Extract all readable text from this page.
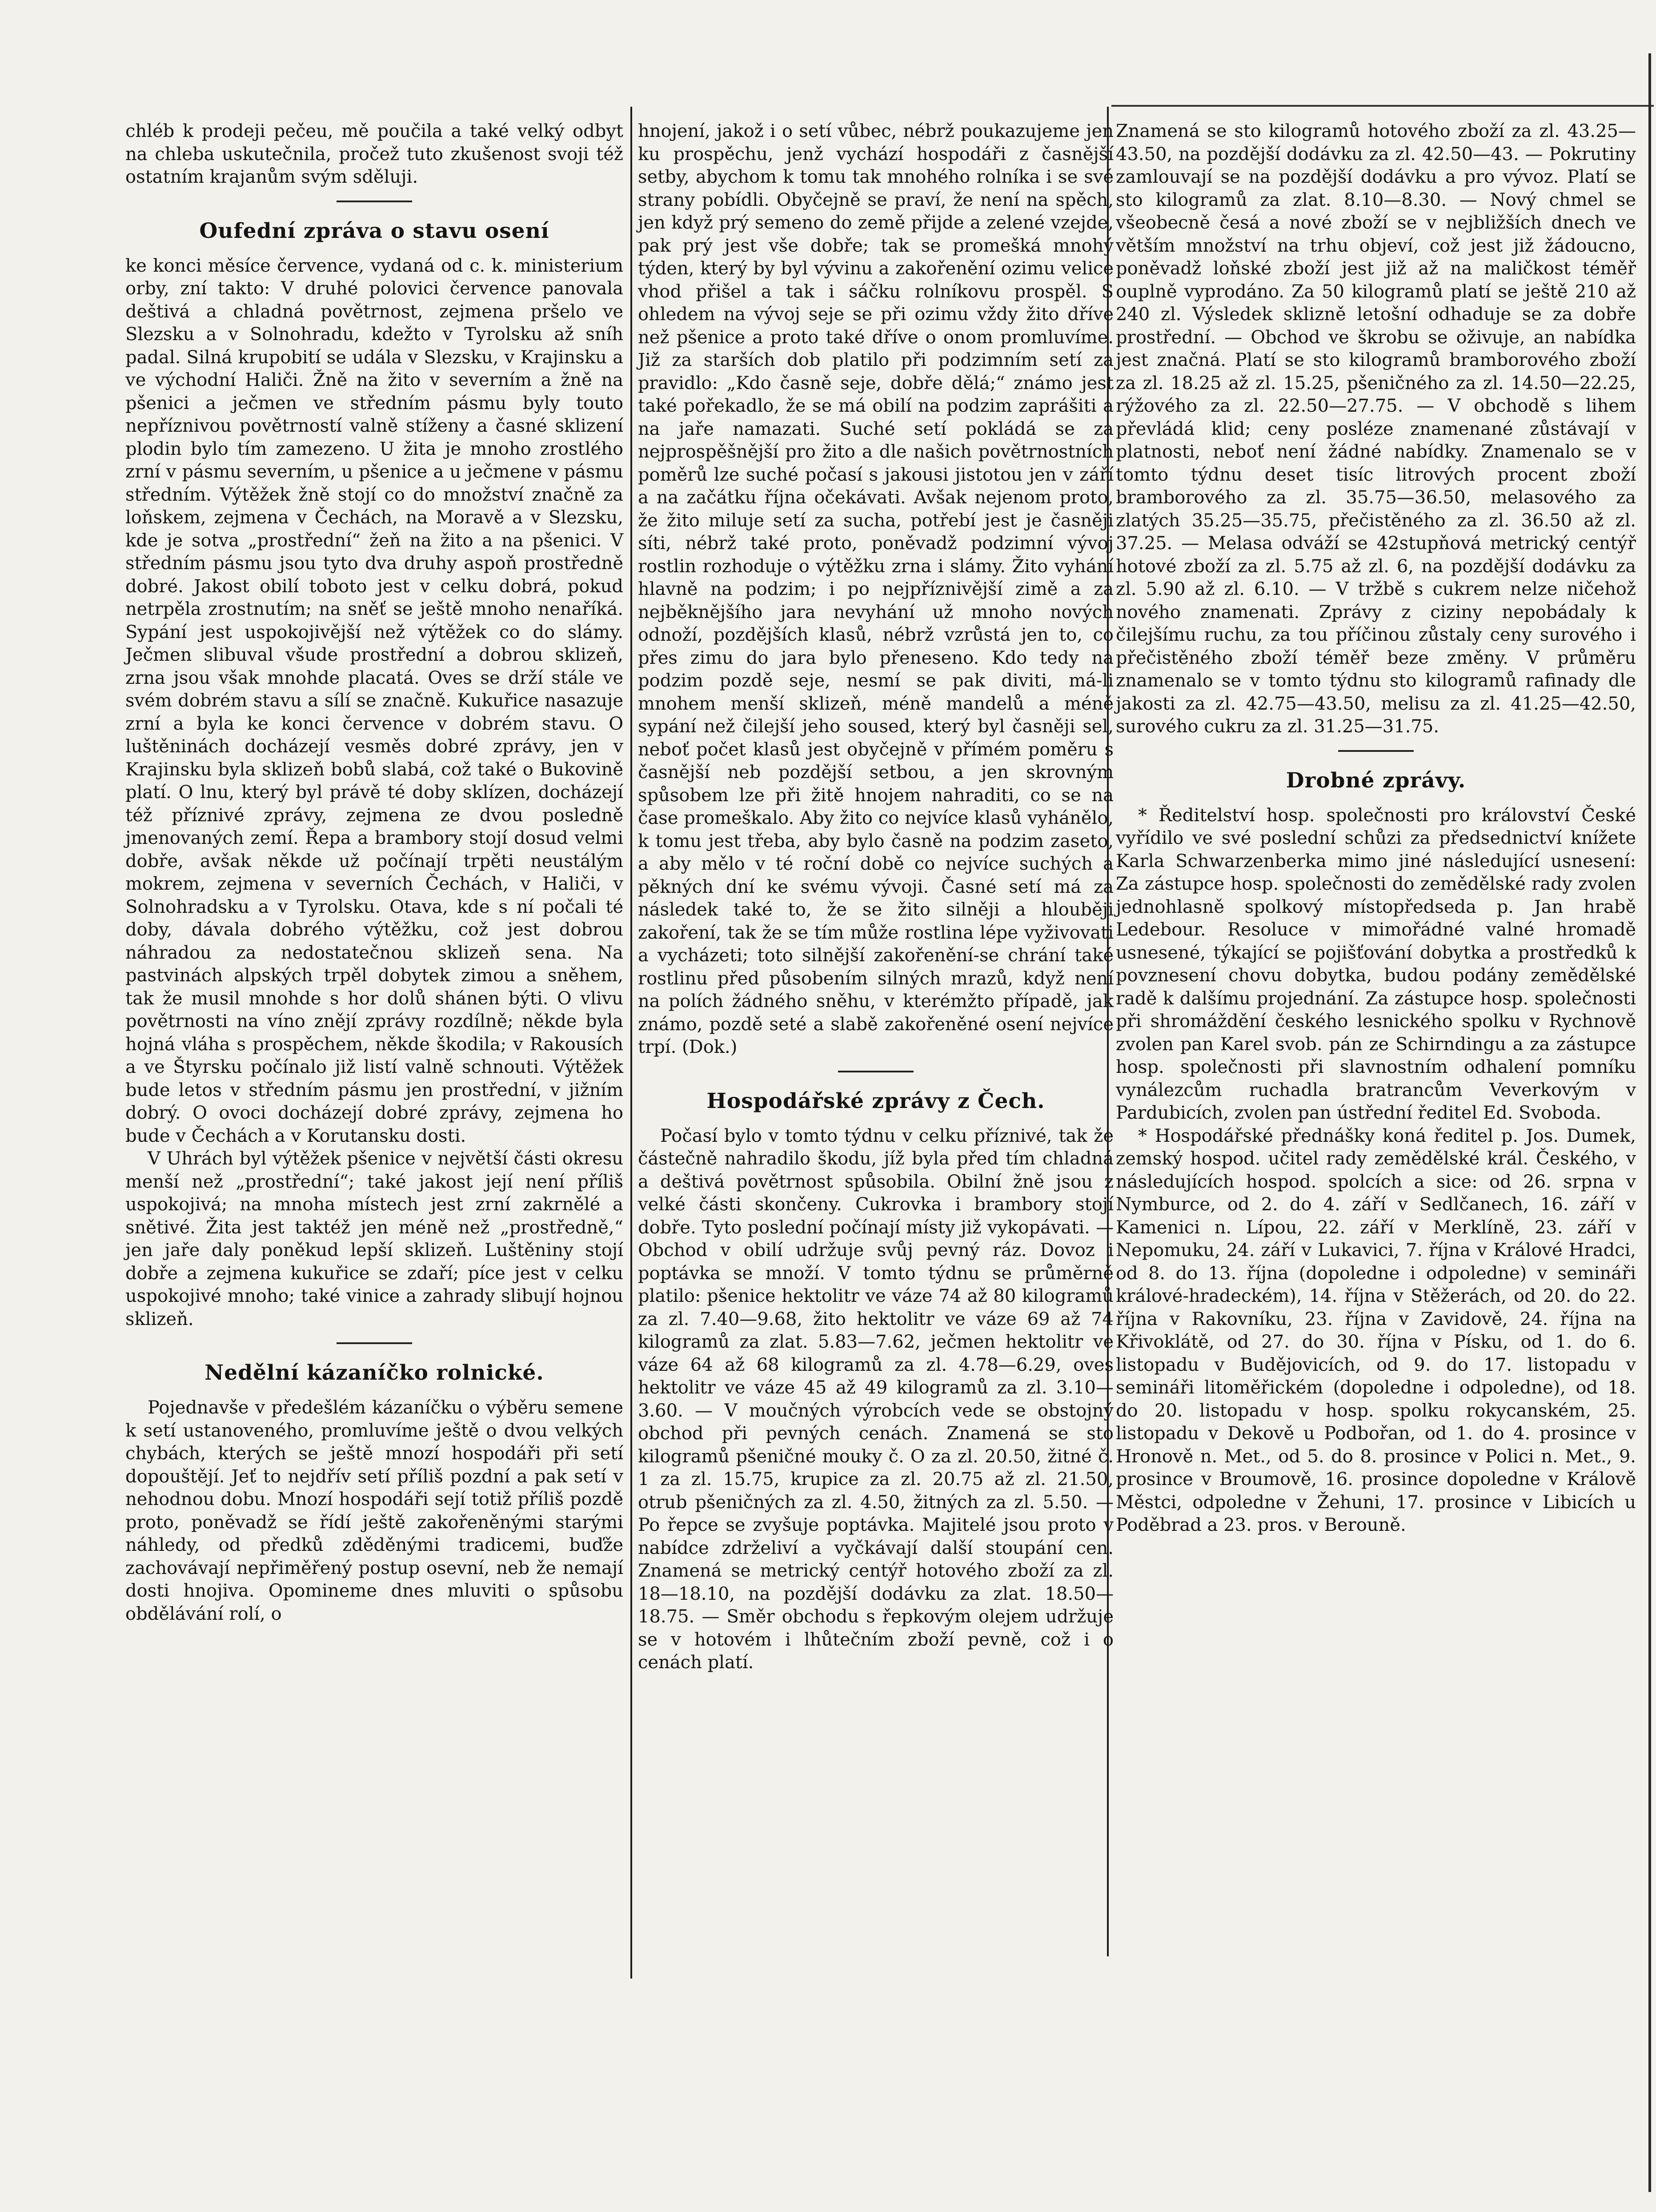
chléb k prodeji pečeu, mě poučila a také velký odbyt na chleba uskutečnila, pročež tuto zkušenost svoji též ostatním krajanům svým sděluji.

Oufední zpráva o stavu osení

ke konci měsíce července, vydaná od c. k. ministerium orby, zní takto: V druhé polovici července panovala deštivá a chladná povětrnost, zejmena pršelo ve Slezsku a v Solnohradu, kdežto v Tyrolsku až sníh padal. Silná krupobití se udála v Slezsku, v Krajinsku a ve východní Haliči. Žně na žito v severním a žně na pšenici a ječmen ve středním pásmu byly touto nepříznivou povětrností valně stíženy a časné sklizení plodin bylo tím zamezeno. U žita je mnoho zrostlého zrní v pásmu severním, u pšenice a u ječmene v pásmu středním. Výtěžek žně stojí co do množství značně za loňskem, zejmena v Čechách, na Moravě a v Slezsku, kde je sotva „prostřední“ žeň na žito a na pšenici. V středním pásmu jsou tyto dva druhy aspoň prostředně dobré. Jakost obilí toboto jest v celku dobrá, pokud netrpěla zrostnutím; na sněť se ještě mnoho nenaříká. Sypání jest uspokojivější než výtěžek co do slámy. Ječmen slibuval všude prostřední a dobrou sklizeň, zrna jsou však mnohde placatá. Oves se drží stále ve svém dobrém stavu a sílí se značně. Kukuřice nasazuje zrní a byla ke konci července v dobrém stavu. O luštěninách docházejí vesměs dobré zprávy, jen v Krajinsku byla sklizeň bobů slabá, což také o Bukovině platí. O lnu, který byl právě té doby sklízen, docházejí též příznivé zprávy, zejmena ze dvou posledně jmenovaných zemí. Řepa a brambory stojí dosud velmi dobře, avšak někde už počínají trpěti neustálým mokrem, zejmena v severních Čechách, v Haliči, v Solnohradsku a v Tyrolsku. Otava, kde s ní počali té doby, dávala dobrého výtěžku, což jest dobrou náhradou za nedostatečnou sklizeň sena. Na pastvinách alpských trpěl dobytek zimou a sněhem, tak že musil mnohde s hor dolů shánen býti. O vlivu povětrnosti na víno znějí zprávy rozdílně; někde byla hojná vláha s prospěchem, někde škodila; v Rakousích a ve Štyrsku počínalo již listí valně schnouti. Výtěžek bude letos v středním pásmu jen prostřední, v jižním dobrý. O ovoci docházejí dobré zprávy, zejmena ho bude v Čechách a v Korutansku dosti.

V Uhrách byl výtěžek pšenice v největší části okresu menší než „prostřední“; také jakost její není příliš uspokojivá; na mnoha místech jest zrní zakrnělé a snětivé. Žita jest taktéž jen méně než „prostředně,“ jen jaře daly poněkud lepší sklizeň. Luštěniny stojí dobře a zejmena kukuřice se zdaří; píce jest v celku uspokojivé mnoho; také vinice a zahrady slibují hojnou sklizeň.

Nedělní kázaníčko rolnické.

Pojednavše v předešlém kázaníčku o výběru semene k setí ustanoveného, promluvíme ještě o dvou velkých chybách, kterých se ještě mnozí hospodáři při setí dopouštějí. Jeť to nejdřív setí příliš pozdní a pak setí v nehodnou dobu. Mnozí hospodáři sejí totiž příliš pozdě proto, poněvadž se řídí ještě zakořeněnými starými náhledy, od předků zděděnými tradicemi, buďže zachovávají nepřiměřený postup osevní, neb že nemají dosti hnojiva. Opomineme dnes mluviti o spůsobu obdělávání rolí, o

hnojení, jakož i o setí vůbec, nébrž poukazujeme jen ku prospěchu, jenž vychází hospodáři z časnější setby, abychom k tomu tak mnohého rolníka i se své strany pobídli. Obyčejně se praví, že není na spěch, jen když prý semeno do země přijde a zelené vzejde, pak prý jest vše dobře; tak se promešká mnohý týden, který by byl vývinu a zakořenění ozimu velice vhod přišel a tak i sáčku rolníkovu prospěl. S ohledem na vývoj seje se při ozimu vždy žito dříve než pšenice a proto také dříve o onom promluvíme. Již za starších dob platilo při podzimním setí za pravidlo: „Kdo časně seje, dobře dělá;“ známo jest také pořekadlo, že se má obilí na podzim zaprášiti a na jaře namazati. Suché setí pokládá se za nejprospěšnější pro žito a dle našich povětrnostních poměrů lze suché počasí s jakousi jistotou jen v září a na začátku října očekávati. Avšak nejenom proto, že žito miluje setí za sucha, potřebí jest je časněji síti, nébrž také proto, poněvadž podzimní vývoj rostlin rozhoduje o výtěžku zrna i slámy. Žito vyhání hlavně na podzim; i po nejpříznivější zimě a za nejběknějšího jara nevyhání už mnoho nových odnoží, pozdějších klasů, nébrž vzrůstá jen to, co přes zimu do jara bylo přeneseno. Kdo tedy na podzim pozdě seje, nesmí se pak diviti, má-li mnohem menší sklizeň, méně mandelů a méně sypání než čilejší jeho soused, který byl časněji sel, neboť počet klasů jest obyčejně v přímém poměru s časnější neb pozdější setbou, a jen skrovným spůsobem lze při žitě hnojem nahraditi, co se na čase promeškalo. Aby žito co nejvíce klasů vyhánělo, k tomu jest třeba, aby bylo časně na podzim zaseto, a aby mělo v té roční době co nejvíce suchých a pěkných dní ke svému vývoji. Časné setí má za následek také to, že se žito silněji a hlouběji zakoření, tak že se tím může rostlina lépe vyživovati a vycházeti; toto silnější zakořenění-se chrání také rostlinu před působením silných mrazů, když není na polích žádného sněhu, v kterémžto případě, jak známo, pozdě seté a slabě zakořeněné osení nejvíce trpí. (Dok.)

Hospodářské zprávy z Čech.

Počasí bylo v tomto týdnu v celku příznivé, tak že částečně nahradilo škodu, jíž byla před tím chladná a deštivá povětrnost spůsobila. Obilní žně jsou z velké části skončeny. Cukrovka i brambory stojí dobře. Tyto poslední počínají místy již vykopávati. — Obchod v obilí udržuje svůj pevný ráz. Dovoz i poptávka se množí. V tomto týdnu se průměrně platilo: pšenice hektolitr ve váze 74 až 80 kilogramů za zl. 7.40—9.68, žito hektolitr ve váze 69 až 74 kilogramů za zlat. 5.83—7.62, ječmen hektolitr ve váze 64 až 68 kilogramů za zl. 4.78—6.29, oves hektolitr ve váze 45 až 49 kilogramů za zl. 3.10—3.60. — V moučných výrobcích vede se obstojný obchod při pevných cenách. Znamená se sto kilogramů pšeničné mouky č. O za zl. 20.50, žitné č. 1 za zl. 15.75, krupice za zl. 20.75 až zl. 21.50, otrub pšeničných za zl. 4.50, žitných za zl. 5.50. — Po řepce se zvyšuje poptávka. Majitelé jsou proto v nabídce zdrželiví a vyčkávají další stoupání cen. Znamená se metrický centýř hotového zboží za zl. 18—18.10, na pozdější dodávku za zlat. 18.50—18.75. — Směr obchodu s řepkovým olejem udržuje se v hotovém i lhůtečním zboží pevně, což i o cenách platí.

Znamená se sto kilogramů hotového zboží za zl. 43.25—43.50, na pozdější dodávku za zl. 42.50—43. — Pokrutiny zamlouvají se na pozdější dodávku a pro vývoz. Platí se sto kilogramů za zlat. 8.10—8.30. — Nový chmel se všeobecně česá a nové zboží se v nejbližších dnech ve větším množství na trhu objeví, což jest již žádoucno, poněvadž loňské zboží jest již až na maličkost téměř ouplně vyprodáno. Za 50 kilogramů platí se ještě 210 až 240 zl. Výsledek sklizně letošní odhaduje se za dobře prostřední. — Obchod ve škrobu se oživuje, an nabídka jest značná. Platí se sto kilogramů bramborového zboží za zl. 18.25 až zl. 15.25, pšeničného za zl. 14.50—22.25, rýžového za zl. 22.50—27.75. — V obchodě s lihem převládá klid; ceny posléze znamenané zůstávají v platnosti, neboť není žádné nabídky. Znamenalo se v tomto týdnu deset tisíc litrových procent zboží bramborového za zl. 35.75—36.50, melasového za zlatých 35.25—35.75, přečistěného za zl. 36.50 až zl. 37.25. — Melasa odváží se 42stupňová metrický centýř hotové zboží za zl. 5.75 až zl. 6, na pozdější dodávku za zl. 5.90 až zl. 6.10. — V tržbě s cukrem nelze ničehož nového znamenati. Zprávy z ciziny nepobádaly k čilejšímu ruchu, za tou příčinou zůstaly ceny surového i přečistěného zboží téměř beze změny. V průměru znamenalo se v tomto týdnu sto kilogramů rafinady dle jakosti za zl. 42.75—43.50, melisu za zl. 41.25—42.50, surového cukru za zl. 31.25—31.75.

Drobné zprávy.

* Ředitelství hosp. společnosti pro království České vyřídilo ve své poslední schůzi za předsednictví knížete Karla Schwarzenberka mimo jiné následující usnesení: Za zástupce hosp. společnosti do zemědělské rady zvolen jednohlasně spolkový místopředseda p. Jan hrabě Ledebour. Resoluce v mimořádné valné hromadě usnesené, týkající se pojišťování dobytka a prostředků k povznesení chovu dobytka, budou podány zemědělské radě k dalšímu projednání. Za zástupce hosp. společnosti při shromáždění českého lesnického spolku v Rychnově zvolen pan Karel svob. pán ze Schirndingu a za zástupce hosp. společnosti při slavnostním odhalení pomníku vynálezcům ruchadla bratrancům Veverkovým v Pardubicích, zvolen pan ústřední ředitel Ed. Svoboda.

* Hospodářské přednášky koná ředitel p. Jos. Dumek, zemský hospod. učitel rady zemědělské král. Českého, v následujících hospod. spolcích a sice: od 26. srpna v Nymburce, od 2. do 4. září v Sedlčanech, 16. září v Kamenici n. Lípou, 22. září v Merklíně, 23. září v Nepomuku, 24. září v Lukavici, 7. října v Králové Hradci, od 8. do 13. října (dopoledne i odpoledne) v semináři králové-hradeckém), 14. října v Stěžerách, od 20. do 22. října v Rakovníku, 23. října v Zavidově, 24. října na Křivoklátě, od 27. do 30. října v Písku, od 1. do 6. listopadu v Budějovicích, od 9. do 17. listopadu v semináři litoměřickém (dopoledne i odpoledne), od 18. do 20. listopadu v hosp. spolku rokycanském, 25. listopadu v Dekově u Podbořan, od 1. do 4. prosince v Hronově n. Met., od 5. do 8. prosince v Polici n. Met., 9. prosince v Broumově, 16. prosince dopoledne v Králově Městci, odpoledne v Žehuni, 17. prosince v Libicích u Poděbrad a 23. pros. v Berouně.
